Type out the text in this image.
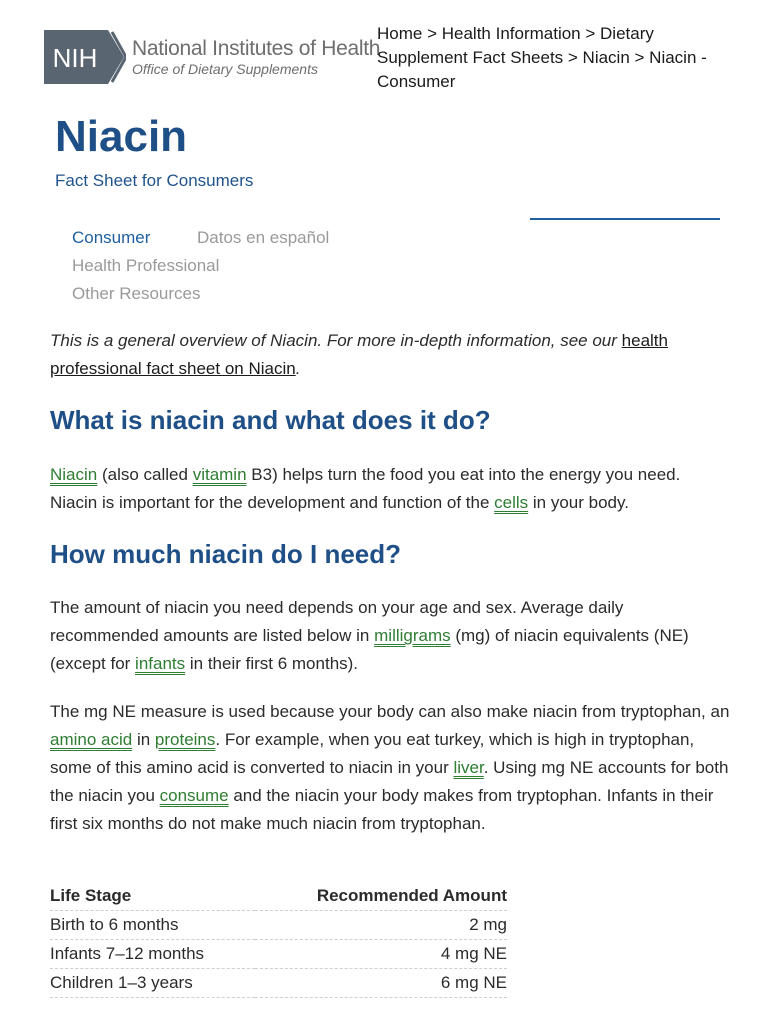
NIH National Institutes of Health
Office of Dietary Supplements
Home > Health Information > Dietary Supplement Fact Sheets > Niacin > Niacin - Consumer
Niacin
Fact Sheet for Consumers
Consumer	Datos en español
Health Professional
Other Resources

This is a general overview of Niacin. For more in-depth information, see our health professional fact sheet on Niacin.

What is niacin and what does it do?

Niacin (also called vitamin B3) helps turn the food you eat into the energy you need. Niacin is important for the development and function of the cells in your body.

How much niacin do I need?

The amount of niacin you need depends on your age and sex. Average daily recommended amounts are listed below in milligrams (mg) of niacin equivalents (NE) (except for infants in their first 6 months).

The mg NE measure is used because your body can also make niacin from tryptophan, an amino acid in proteins. For example, when you eat turkey, which is high in tryptophan, some of this amino acid is converted to niacin in your liver. Using mg NE accounts for both the niacin you consume and the niacin your body makes from tryptophan. Infants in their first six months do not make much niacin from tryptophan.

Life Stage	Recommended Amount
Birth to 6 months	2 mg
Infants 7–12 months	4 mg NE
Children 1–3 years	6 mg NE
